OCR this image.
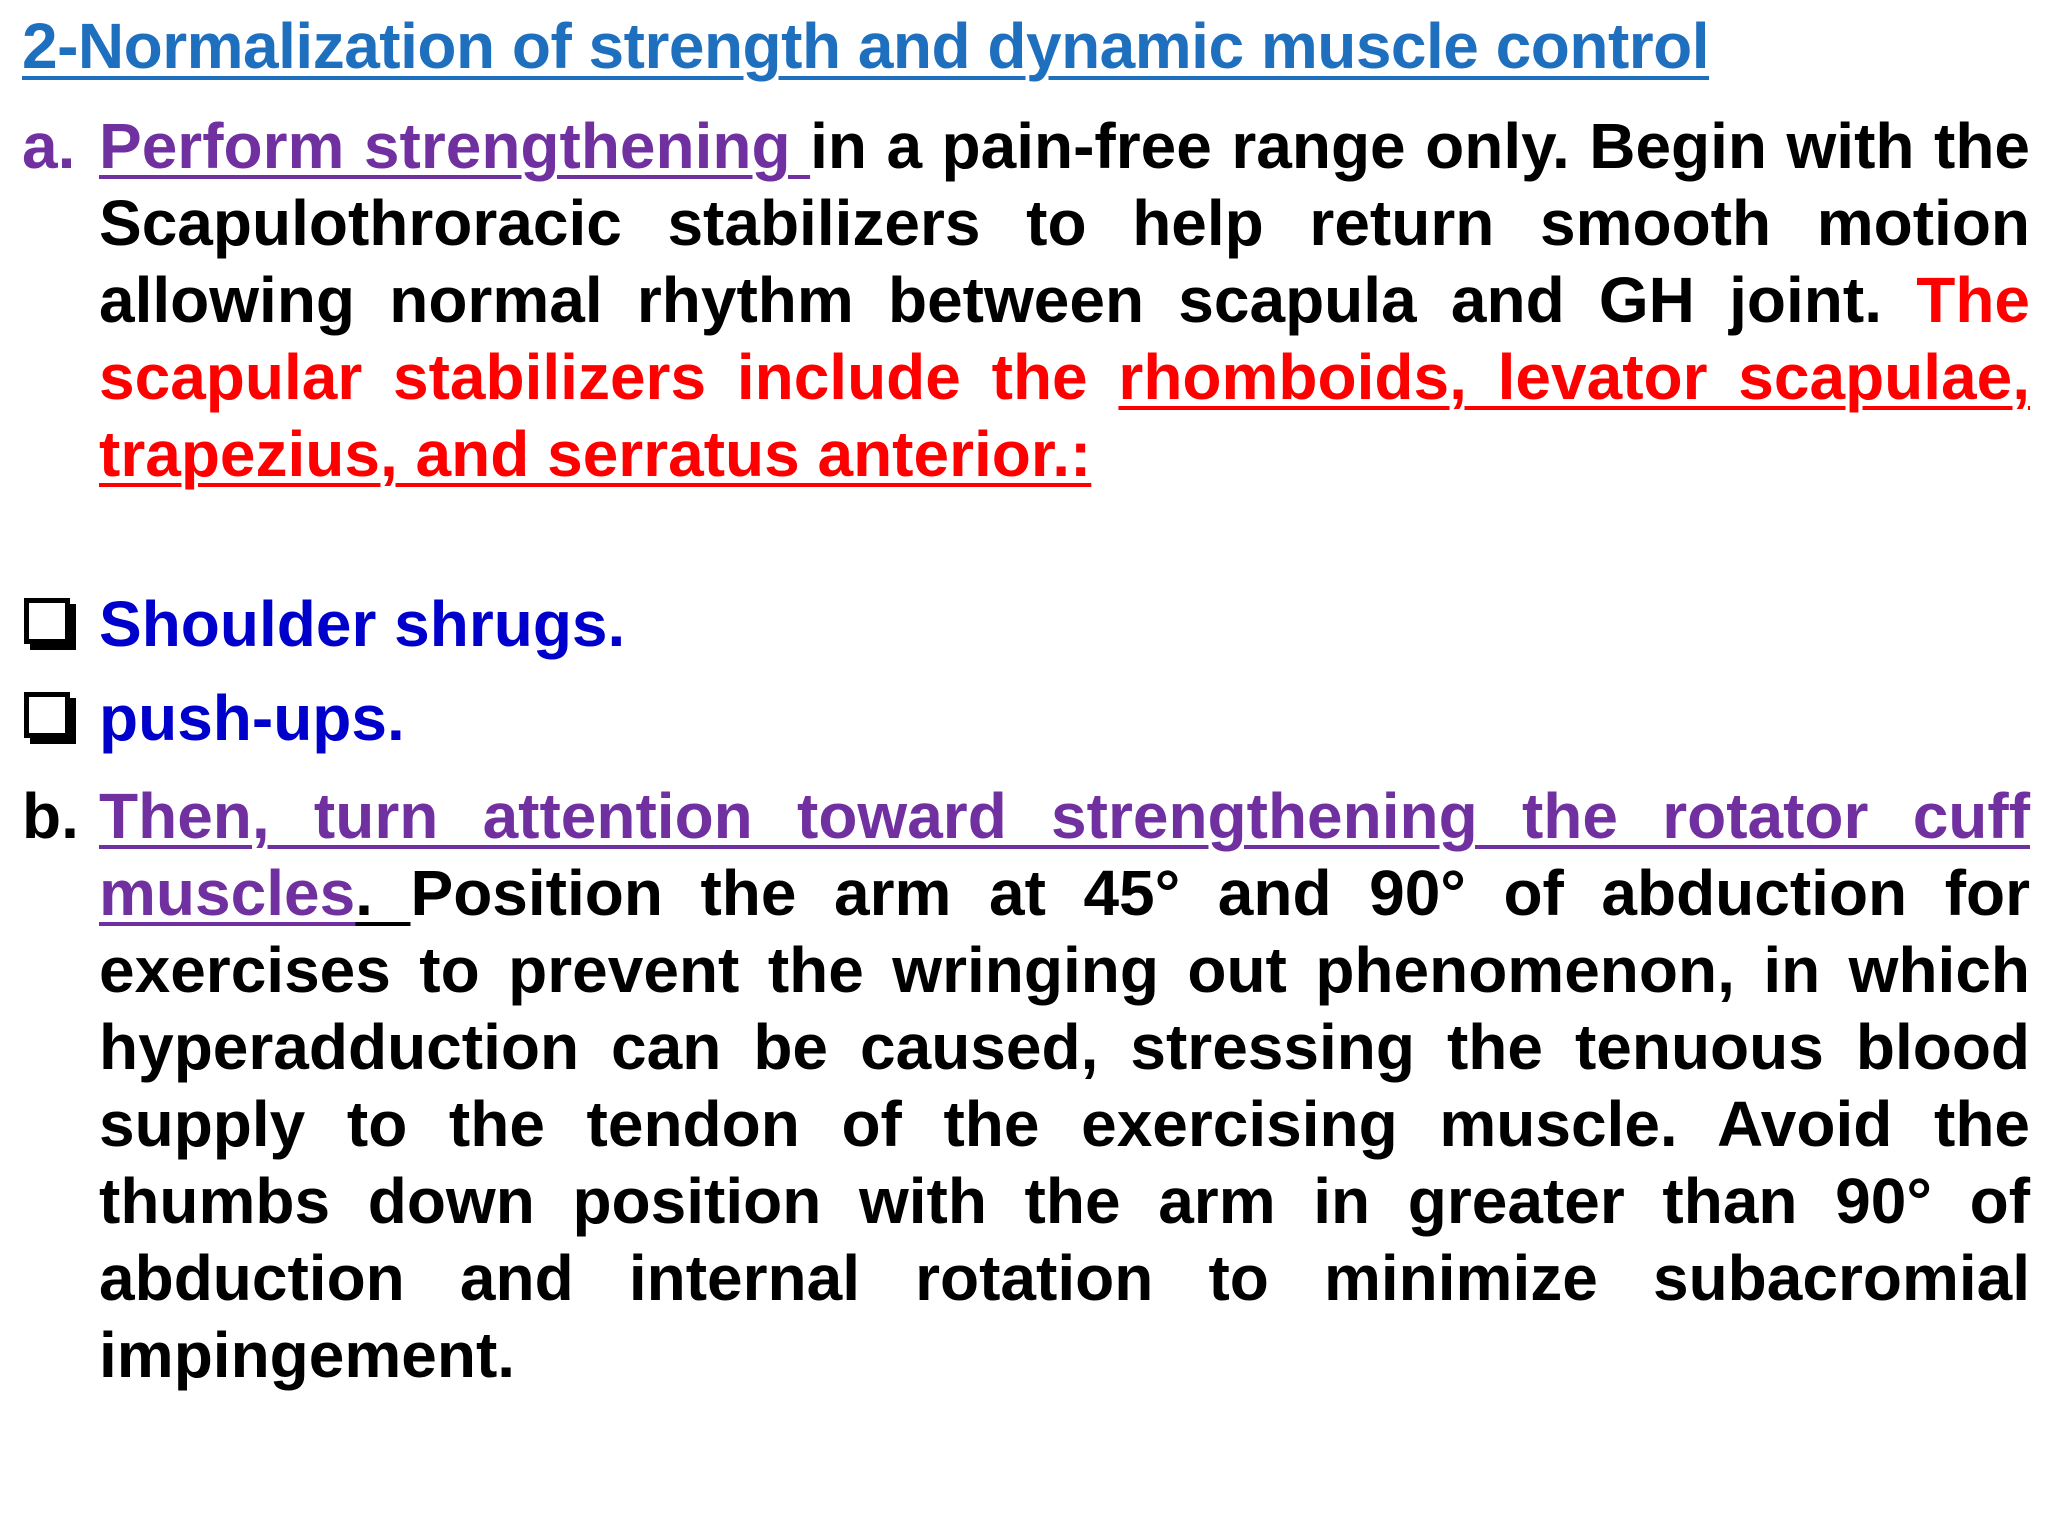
2-Normalization of strength and dynamic muscle control
a. Perform strengthening in a pain-free range only. Begin with the Scapulothroracic stabilizers to help return smooth motion allowing normal rhythm between scapula and GH joint. The scapular stabilizers include the rhomboids, levator scapulae, trapezius, and serratus anterior.:
Shoulder shrugs.
push-ups.
b. Then, turn attention toward strengthening the rotator cuff muscles. Position the arm at 45° and 90° of abduction for exercises to prevent the wringing out phenomenon, in which hyperadduction can be caused, stressing the tenuous blood supply to the tendon of the exercising muscle. Avoid the thumbs down position with the arm in greater than 90° of abduction and internal rotation to minimize subacromial impingement.
